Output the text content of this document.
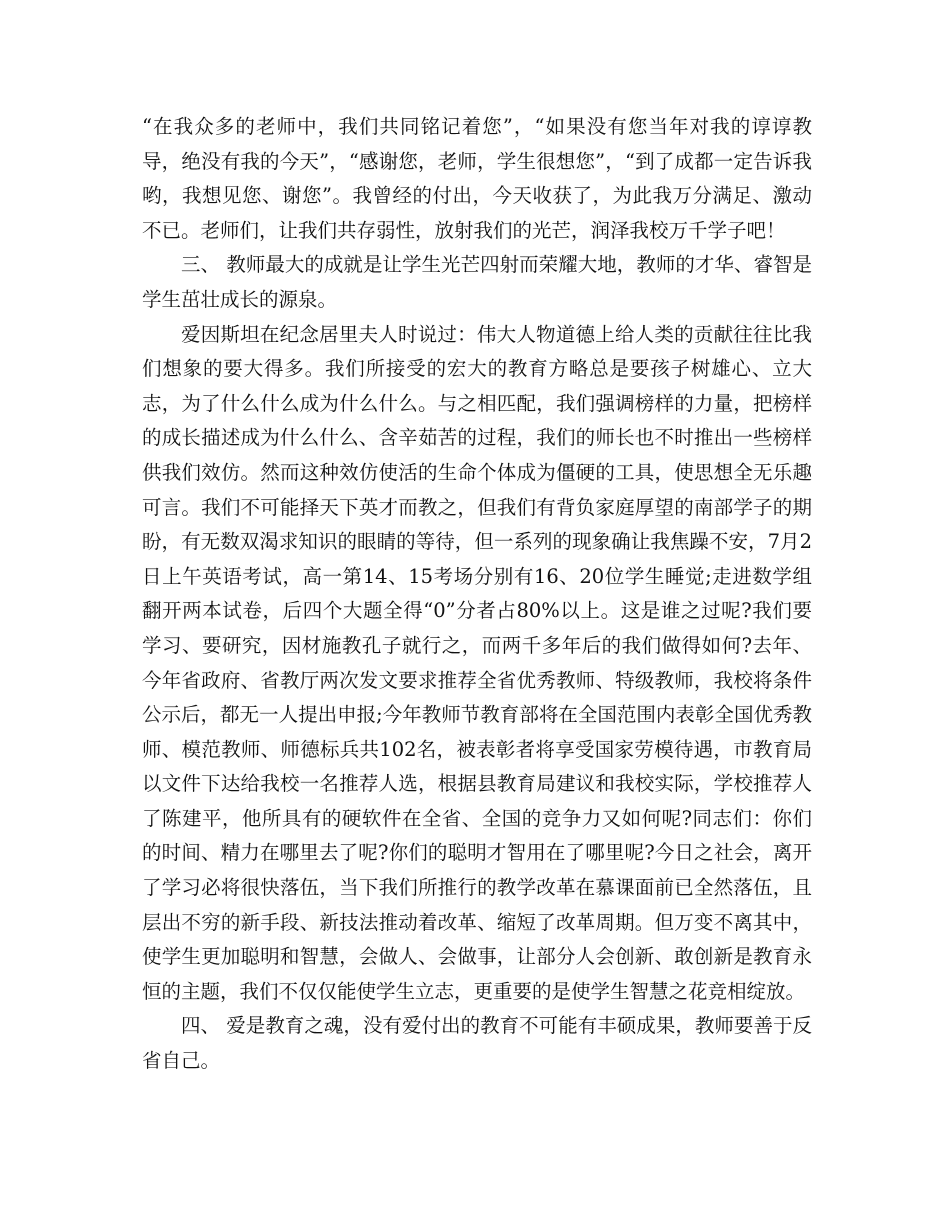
“在我众多的老师中，我们共同铭记着您”，“如果没有您当年对我的谆谆教导，绝没有我的今天”，“感谢您，老师，学生很想您”，“到了成都一定告诉我哟，我想见您、谢您”。我曾经的付出，今天收获了，为此我万分满足、激动不已。老师们，让我们共存弱性，放射我们的光芒，润泽我校万千学子吧！

三、 教师最大的成就是让学生光芒四射而荣耀大地，教师的才华、睿智是学生茁壮成长的源泉。

爱因斯坦在纪念居里夫人时说过：伟大人物道德上给人类的贡献往往比我们想象的要大得多。我们所接受的宏大的教育方略总是要孩子树雄心、立大志，为了什么什么成为什么什么。与之相匹配，我们强调榜样的力量，把榜样的成长描述成为什么什么、含辛茹苦的过程，我们的师长也不时推出一些榜样供我们效仿。然而这种效仿使活的生命个体成为僵硬的工具，使思想全无乐趣可言。我们不可能择天下英才而教之，但我们有背负家庭厚望的南部学子的期盼，有无数双渴求知识的眼睛的等待，但一系列的现象确让我焦躁不安，7月2日上午英语考试，高一第14、15考场分别有16、20位学生睡觉;走进数学组翻开两本试卷，后四个大题全得“0”分者占80%以上。这是谁之过呢?我们要学习、要研究，因材施教孔子就行之，而两千多年后的我们做得如何?去年、今年省政府、省教厅两次发文要求推荐全省优秀教师、特级教师，我校将条件公示后，都无一人提出申报;今年教师节教育部将在全国范围内表彰全国优秀教师、模范教师、师德标兵共102名，被表彰者将享受国家劳模待遇，市教育局以文件下达给我校一名推荐人选，根据县教育局建议和我校实际，学校推荐人了陈建平，他所具有的硬软件在全省、全国的竞争力又如何呢?同志们：你们的时间、精力在哪里去了呢?你们的聪明才智用在了哪里呢?今日之社会，离开了学习必将很快落伍，当下我们所推行的教学改革在慕课面前已全然落伍，且层出不穷的新手段、新技法推动着改革、缩短了改革周期。但万变不离其中，使学生更加聪明和智慧，会做人、会做事，让部分人会创新、敢创新是教育永恒的主题，我们不仅仅能使学生立志，更重要的是使学生智慧之花竞相绽放。

四、 爱是教育之魂，没有爱付出的教育不可能有丰硕成果，教师要善于反省自己。
